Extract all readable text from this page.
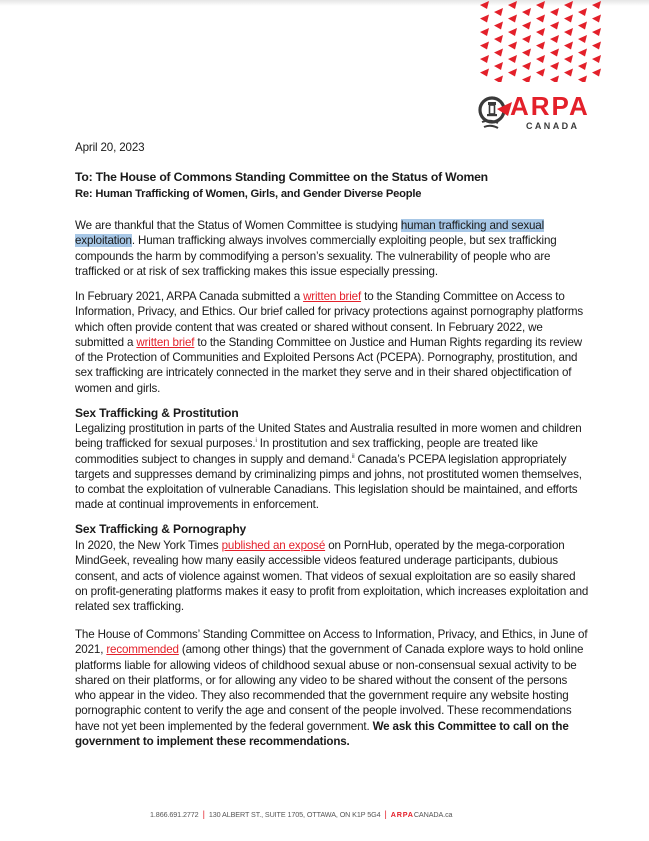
ARPA
CANADA
April 20, 2023
To: The House of Commons Standing Committee on the Status of Women
Re: Human Trafficking of Women, Girls, and Gender Diverse People

We are thankful that the Status of Women Committee is studying human trafficking and sexual exploitation. Human trafficking always involves commercially exploiting people, but sex trafficking compounds the harm by commodifying a person’s sexuality. The vulnerability of people who are trafficked or at risk of sex trafficking makes this issue especially pressing.

In February 2021, ARPA Canada submitted a written brief to the Standing Committee on Access to Information, Privacy, and Ethics. Our brief called for privacy protections against pornography platforms which often provide content that was created or shared without consent. In February 2022, we submitted a written brief to the Standing Committee on Justice and Human Rights regarding its review of the Protection of Communities and Exploited Persons Act (PCEPA). Pornography, prostitution, and sex trafficking are intricately connected in the market they serve and in their shared objectification of women and girls.

Sex Trafficking & Prostitution

Legalizing prostitution in parts of the United States and Australia resulted in more women and children being trafficked for sexual purposes.$^i$ In prostitution and sex trafficking, people are treated like commodities subject to changes in supply and demand.$^{ii}$ Canada’s PCEPA legislation appropriately targets and suppresses demand by criminalizing pimps and johns, not prostituted women themselves, to combat the exploitation of vulnerable Canadians. This legislation should be maintained, and efforts made at continual improvements in enforcement.

Sex Trafficking & Pornography

In 2020, the New York Times published an exposé on PornHub, operated by the mega-corporation MindGeek, revealing how many easily accessible videos featured underage participants, dubious consent, and acts of violence against women. That videos of sexual exploitation are so easily shared on profit-generating platforms makes it easy to profit from exploitation, which increases exploitation and related sex trafficking.

The House of Commons’ Standing Committee on Access to Information, Privacy, and Ethics, in June of 2021, recommended (among other things) that the government of Canada explore ways to hold online platforms liable for allowing videos of childhood sexual abuse or non-consensual sexual activity to be shared on their platforms, or for allowing any video to be shared without the consent of the persons who appear in the video. They also recommended that the government require any website hosting pornographic content to verify the age and consent of the people involved. These recommendations have not yet been implemented by the federal government. We ask this Committee to call on the government to implement these recommendations.

1.866.691.2772 | 130 ALBERT ST., SUITE 1705, OTTAWA, ON K1P 5G4 | ARPACANADA.ca
